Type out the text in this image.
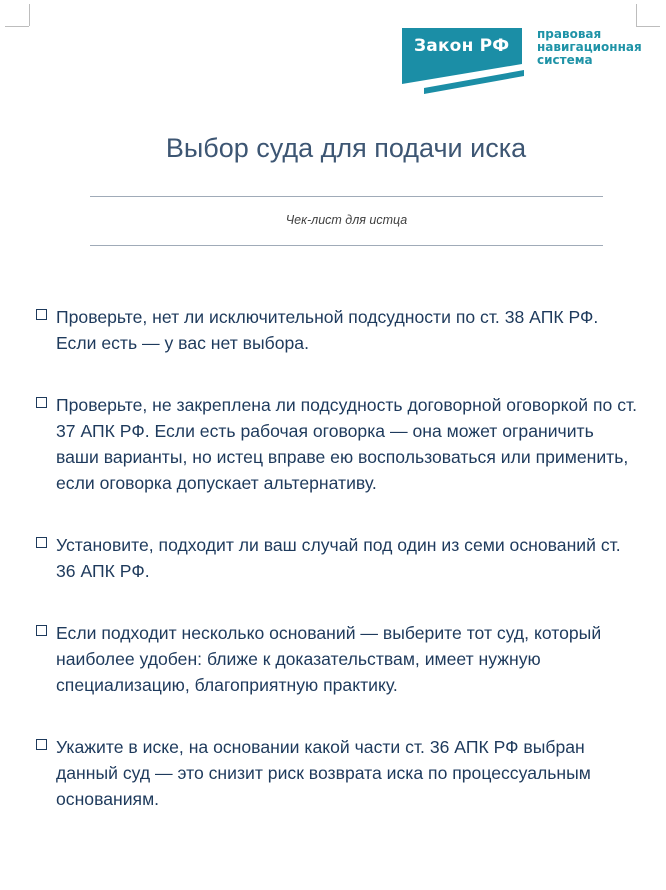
Закон РФ
правовая
навигационная
система
Выбор суда для подачи иска
Чек-лист для истца
Проверьте, нет ли исключительной подсудности по ст. 38 АПК РФ. Если есть — у вас нет выбора.
Проверьте, не закреплена ли подсудность договорной оговоркой по ст. 37 АПК РФ. Если есть рабочая оговорка — она может ограничить ваши варианты, но истец вправе ею воспользоваться или применить, если оговорка допускает альтернативу.
Установите, подходит ли ваш случай под один из семи оснований ст. 36 АПК РФ.
Если подходит несколько оснований — выберите тот суд, который наиболее удобен: ближе к доказательствам, имеет нужную специализацию, благоприятную практику.
Укажите в иске, на основании какой части ст. 36 АПК РФ выбран данный суд — это снизит риск возврата иска по процессуальным основаниям.
